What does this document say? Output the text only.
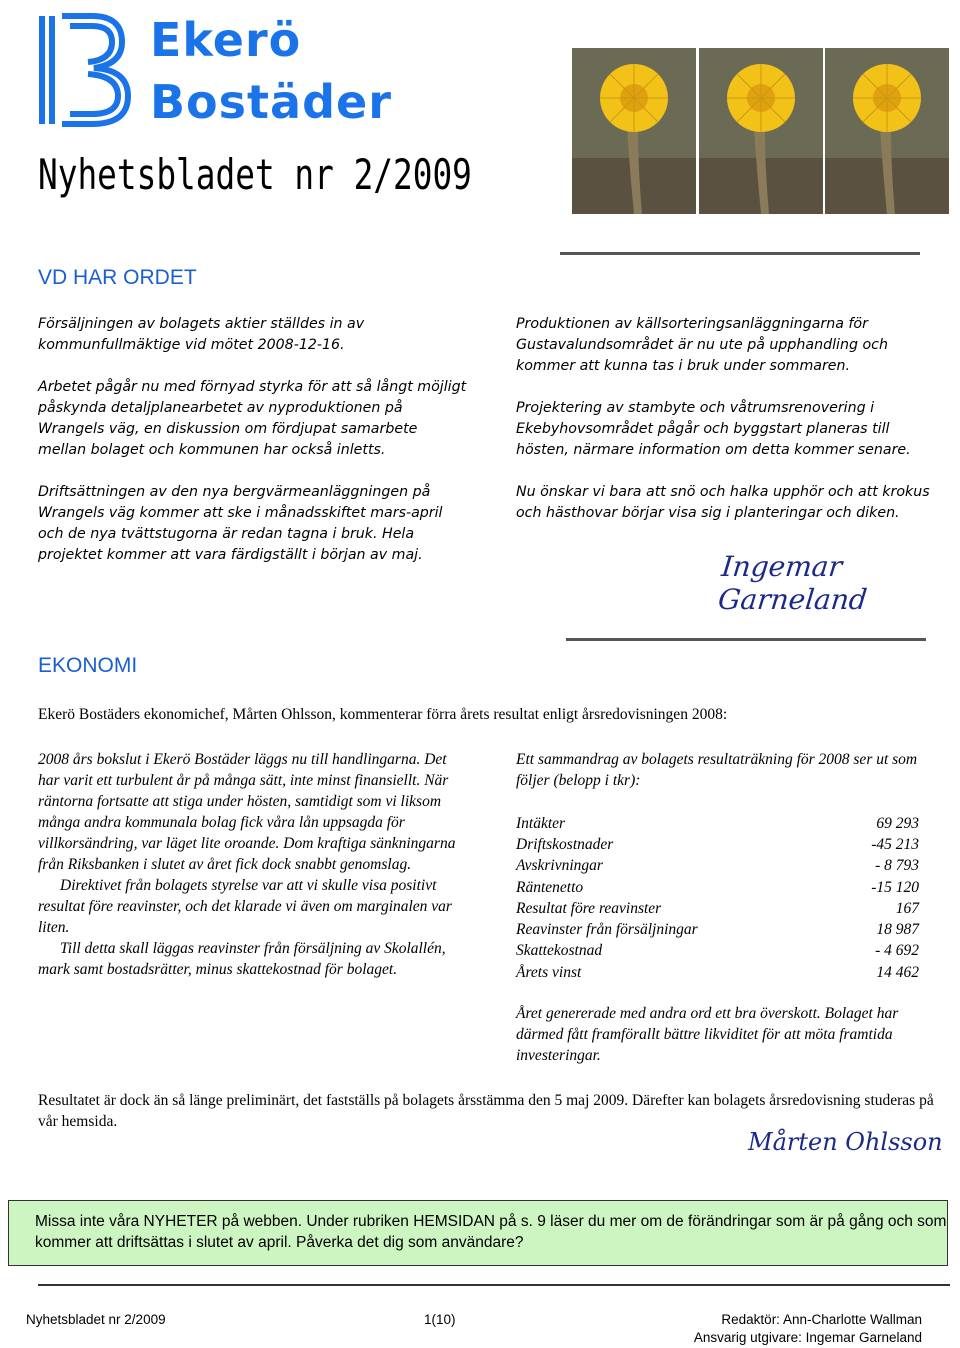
Ekerö
Bostäder
Nyhetsbladet nr 2/2009
VD HAR ORDET
Försäljningen av bolagets aktier ställdes in av kommunfullmäktige vid mötet 2008-12-16.
Arbetet pågår nu med förnyad styrka för att så långt möjligt påskynda detaljplanearbetet av nyproduktionen på Wrangels väg, en diskussion om fördjupat samarbete mellan bolaget och kommunen har också inletts.
Driftsättningen av den nya bergvärmeanläggningen på Wrangels väg kommer att ske i månadsskiftet mars-april och de nya tvättstugorna är redan tagna i bruk. Hela projektet kommer att vara färdigställt i början av maj.
Produktionen av källsorteringsanläggningarna för Gustavalundsområdet är nu ute på upphandling och kommer att kunna tas i bruk under sommaren.
Projektering av stambyte och våtrumsrenovering i Ekebyhovsområdet pågår och byggstart planeras till hösten, närmare information om detta kommer senare.
Nu önskar vi bara att snö och halka upphör och att krokus och hästhovar börjar visa sig i planteringar och diken.
Ingemar Garneland
EKONOMI
Ekerö Bostäders ekonomichef, Mårten Ohlsson, kommenterar förra årets resultat enligt årsredovisningen 2008:
2008 års bokslut i Ekerö Bostäder läggs nu till handlingarna. Det har varit ett turbulent år på många sätt, inte minst finansiellt. När räntorna fortsatte att stiga under hösten, samtidigt som vi liksom många andra kommunala bolag fick våra lån uppsagda för villkorsändring, var läget lite oroande. Dom kraftiga sänkningarna från Riksbanken i slutet av året fick dock snabbt genomslag.
Direktivet från bolagets styrelse var att vi skulle visa positivt resultat före reavinster, och det klarade vi även om marginalen var liten.
Till detta skall läggas reavinster från försäljning av Skolallén, mark samt bostadsrätter, minus skattekostnad för bolaget.
Ett sammandrag av bolagets resultaträkning för 2008 ser ut som följer (belopp i tkr):
Intäkter	69 293
Driftskostnader	-45 213
Avskrivningar	- 8 793
Räntenetto	-15 120
Resultat före reavinster	167
Reavinster från försäljningar	18 987
Skattekostnad	- 4 692
Årets vinst	14 462
Året genererade med andra ord ett bra överskott. Bolaget har därmed fått framförallt bättre likviditet för att möta framtida investeringar.
Resultatet är dock än så länge preliminärt, det fastställs på bolagets årsstämma den 5 maj 2009. Därefter kan bolagets årsredovisning studeras på vår hemsida.
Mårten Ohlsson
Missa inte våra NYHETER på webben. Under rubriken HEMSIDAN på s. 9 läser du mer om de förändringar som är på gång och som kommer att driftsättas i slutet av april. Påverka det dig som användare?
Nyhetsbladet nr 2/2009	1(10)	Redaktör: Ann-Charlotte Wallman
Ansvarig utgivare: Ingemar Garneland
